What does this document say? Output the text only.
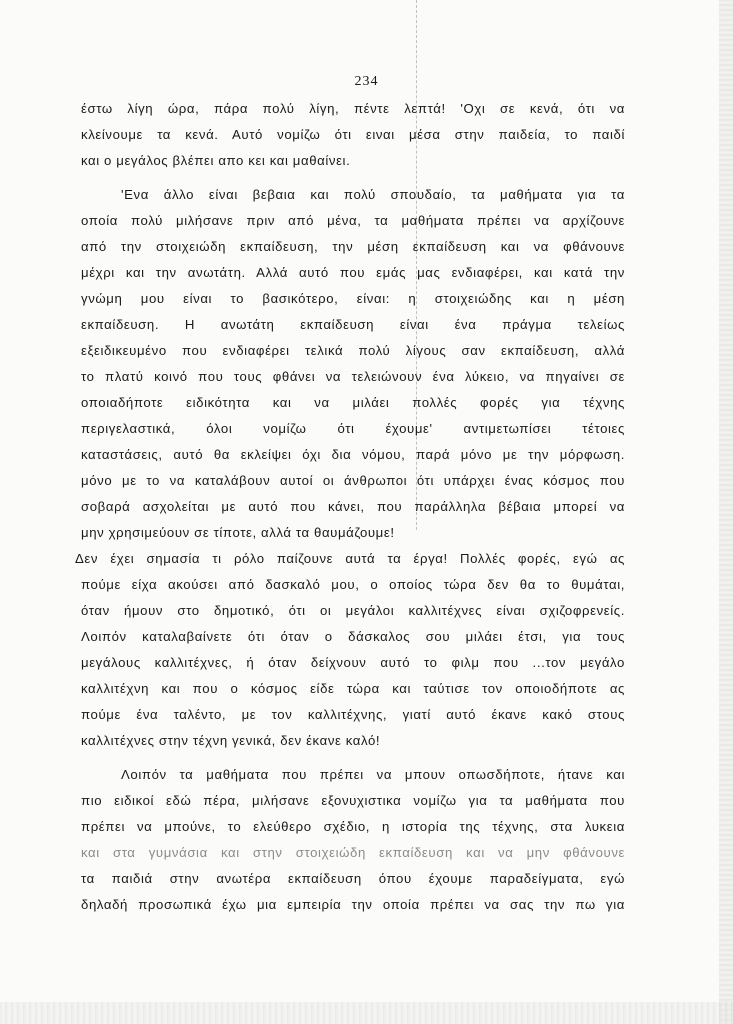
234
έστω λίγη ώρα, πάρα πολύ λίγη, πέντε λεπτά! 'Οχι σε κενά, ότι να
κλείνουμε τα κενά. Αυτό νομίζω ότι ειναι μέσα στην παιδεία, το παιδί
και ο μεγάλος βλέπει απο κει και μαθαίνει.
'Ενα άλλο είναι βεβαια και πολύ σπουδαίο, τα μαθήματα για τα
οποία πολύ μιλήσανε πριν από μένα, τα μαθήματα πρέπει να αρχίζουνε
από την στοιχειώδη εκπαίδευση, την μέση εκπαίδευση και να φθάνουνε
μέχρι και την ανωτάτη. Αλλά αυτό που εμάς μας ενδιαφέρει, και κατά την
γνώμη μου είναι το βασικότερο, είναι: η στοιχειώδης και η μέση
εκπαίδευση. Η ανωτάτη εκπαίδευση είναι ένα πράγμα τελείως
εξειδικευμένο που ενδιαφέρει τελικά πολύ λίγους σαν εκπαίδευση, αλλά
το πλατύ κοινό που τους φθάνει να τελειώνουν ένα λύκειο, να πηγαίνει σε
οποιαδήποτε ειδικότητα και να μιλάει πολλές φορές για τέχνης
περιγελαστικά, όλοι νομίζω ότι έχουμε' αντιμετωπίσει τέτοιες
καταστάσεις, αυτό θα εκλείψει όχι δια νόμου, παρά μόνο με την μόρφωση.
μόνο με το να καταλάβουν αυτοί οι άνθρωποι ότι υπάρχει ένας κόσμος που
σοβαρά ασχολείται με αυτό που κάνει, που παράλληλα βέβαια μπορεί να
μην χρησιμεύουν σε τίποτε, αλλά τα θαυμάζουμε!
Δεν έχει σημασία τι ρόλο παίζουνε αυτά τα έργα! Πολλές φορές, εγώ ας
πούμε είχα ακούσει από δασκαλό μου, ο οποίος τώρα δεν θα το θυμάται,
όταν ήμουν στο δημοτικό, ότι οι μεγάλοι καλλιτέχνες είναι σχιζοφρενείς.
Λοιπόν καταλαβαίνετε ότι όταν ο δάσκαλος σου μιλάει έτσι, για τους
μεγάλους καλλιτέχνες, ή όταν δείχνουν αυτό το φιλμ που ...τον μεγάλο
καλλιτέχνη και που ο κόσμος είδε τώρα και ταύτισε τον οποιοδήποτε ας
πούμε ένα ταλέντο, με τον καλλιτέχνης, γιατί αυτό έκανε κακό στους
καλλιτέχνες στην τέχνη γενικά, δεν έκανε καλό!
Λοιπόν τα μαθήματα που πρέπει να μπουν οπωσδήποτε, ήτανε και
πιο ειδικοί εδώ πέρα, μιλήσανε εξονυχιστικα νομίζω για τα μαθήματα που
πρέπει να μπούνε, το ελεύθερο σχέδιο, η ιστορία της τέχνης, στα λυκεια
και στα γυμνάσια και στην στοιχειώδη εκπαίδευση και να μην φθάνουνε
τα παιδιά στην ανωτέρα εκπαίδευση όπου έχουμε παραδείγματα, εγώ
δηλαδή προσωπικά έχω μια εμπειρία την οποία πρέπει να σας την πω για
